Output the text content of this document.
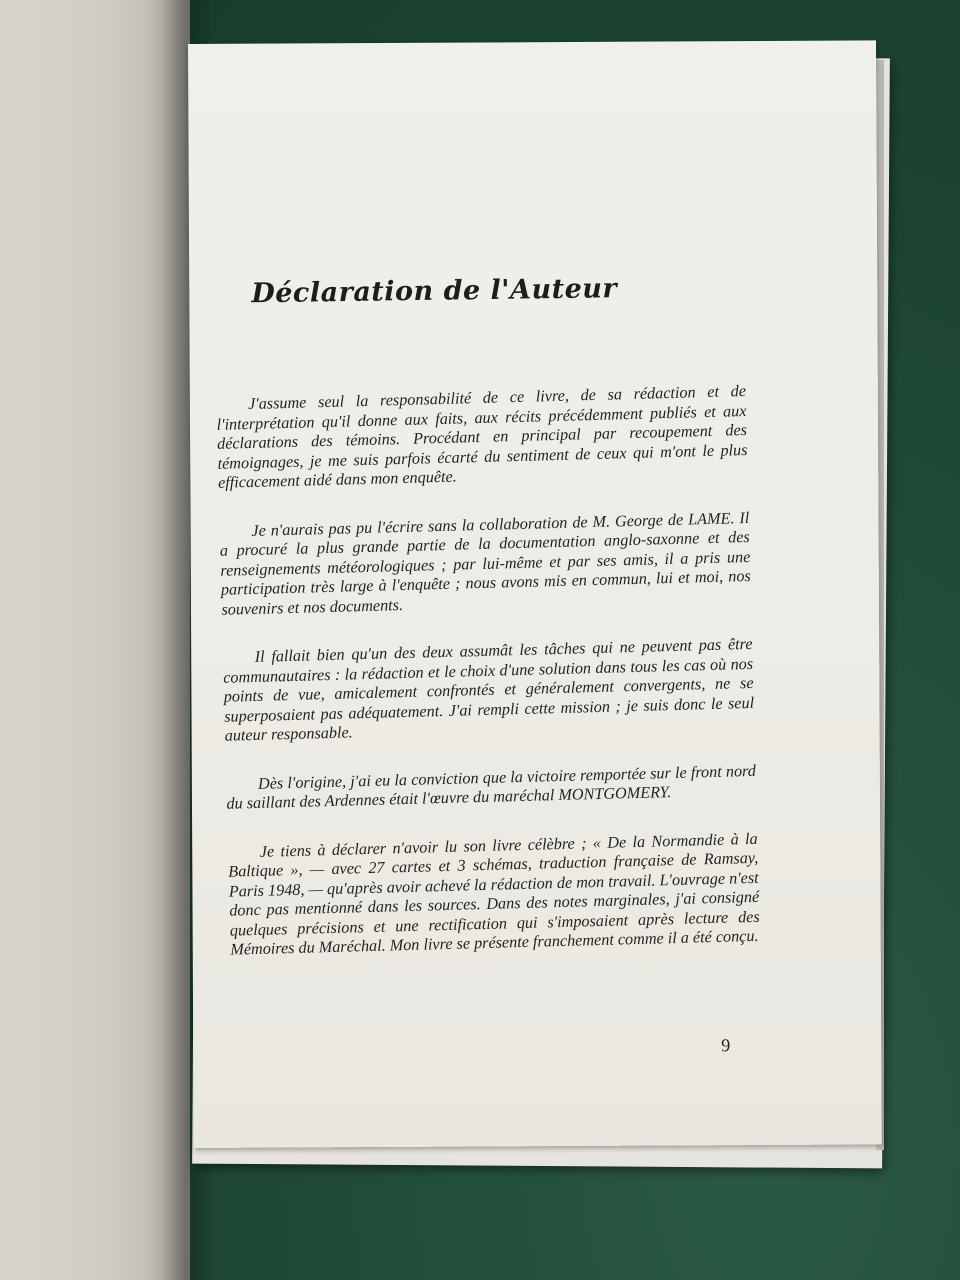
Déclaration de l'Auteur

J'assume seul la responsabilité de ce livre, de sa rédaction et de l'interprétation qu'il donne aux faits, aux récits précédemment publiés et aux déclarations des témoins. Procédant en principal par recoupement des témoignages, je me suis parfois écarté du sentiment de ceux qui m'ont le plus efficacement aidé dans mon enquête.

Je n'aurais pas pu l'écrire sans la collaboration de M. George de LAME. Il a procuré la plus grande partie de la documentation anglo-saxonne et des renseignements météorologiques ; par lui-même et par ses amis, il a pris une participation très large à l'enquête ; nous avons mis en commun, lui et moi, nos souvenirs et nos documents.

Il fallait bien qu'un des deux assumât les tâches qui ne peuvent pas être communautaires : la rédaction et le choix d'une solution dans tous les cas où nos points de vue, amicalement confrontés et généralement convergents, ne se superposaient pas adéquatement. J'ai rempli cette mission ; je suis donc le seul auteur responsable.

Dès l'origine, j'ai eu la conviction que la victoire remportée sur le front nord du saillant des Ardennes était l'œuvre du maréchal MONTGOMERY.

Je tiens à déclarer n'avoir lu son livre célèbre ; « De la Normandie à la Baltique », — avec 27 cartes et 3 schémas, traduction française de Ramsay, Paris 1948, — qu'après avoir achevé la rédaction de mon travail. L'ouvrage n'est donc pas mentionné dans les sources. Dans des notes marginales, j'ai consigné quelques précisions et une rectification qui s'imposaient après lecture des Mémoires du Maréchal. Mon livre se présente franchement comme il a été conçu.

9
